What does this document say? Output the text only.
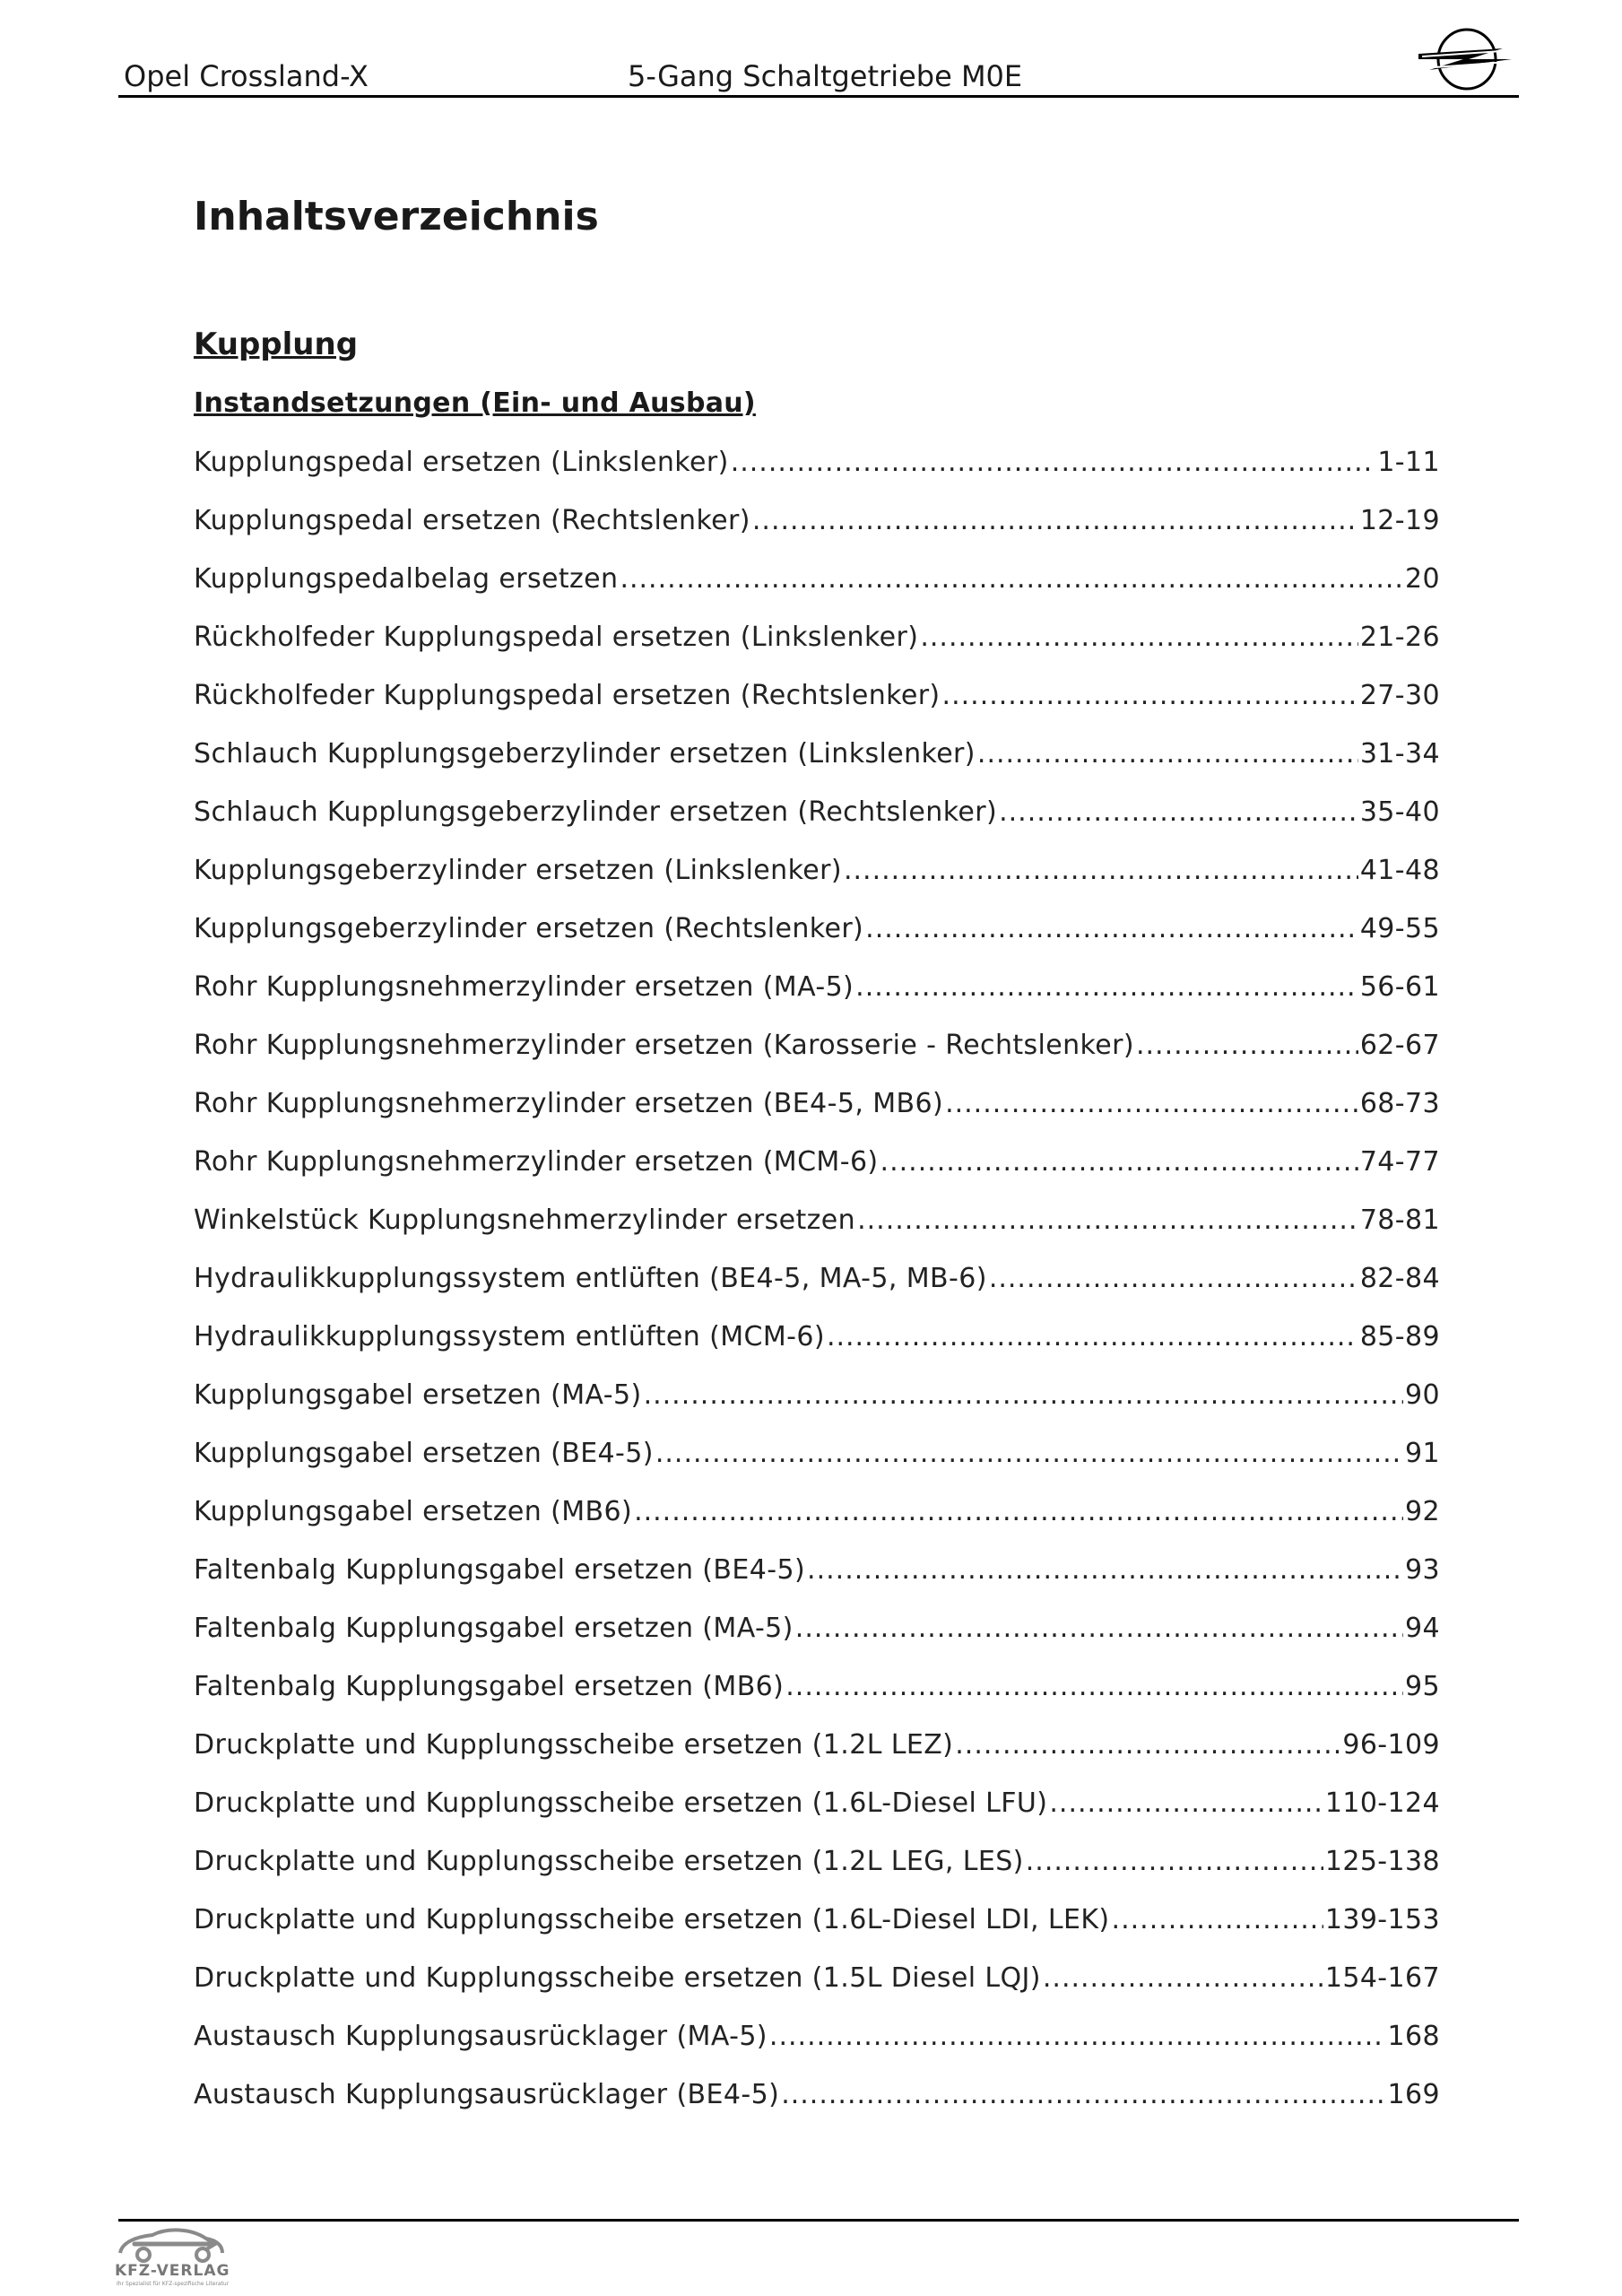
Opel Crossland-X	5-Gang Schaltgetriebe M0E
Inhaltsverzeichnis
Kupplung
Instandsetzungen (Ein- und Ausbau)
Kupplungspedal ersetzen (Linkslenker) .....	1-11
Kupplungspedal ersetzen (Rechtslenker) .....	12-19
Kupplungspedalbelag ersetzen .....	20
Rückholfeder Kupplungspedal ersetzen (Linkslenker) .....	21-26
Rückholfeder Kupplungspedal ersetzen (Rechtslenker) .....	27-30
Schlauch Kupplungsgeberzylinder ersetzen (Linkslenker) .....	31-34
Schlauch Kupplungsgeberzylinder ersetzen (Rechtslenker) .....	35-40
Kupplungsgeberzylinder ersetzen (Linkslenker) .....	41-48
Kupplungsgeberzylinder ersetzen (Rechtslenker) .....	49-55
Rohr Kupplungsnehmerzylinder ersetzen (MA-5) .....	56-61
Rohr Kupplungsnehmerzylinder ersetzen (Karosserie - Rechtslenker) .....	62-67
Rohr Kupplungsnehmerzylinder ersetzen (BE4-5, MB6) .....	68-73
Rohr Kupplungsnehmerzylinder ersetzen (MCM-6) .....	74-77
Winkelstück Kupplungsnehmerzylinder ersetzen .....	78-81
Hydraulikkupplungssystem entlüften (BE4-5, MA-5, MB-6) .....	82-84
Hydraulikkupplungssystem entlüften (MCM-6) .....	85-89
Kupplungsgabel ersetzen (MA-5) .....	90
Kupplungsgabel ersetzen (BE4-5) .....	91
Kupplungsgabel ersetzen (MB6) .....	92
Faltenbalg Kupplungsgabel ersetzen (BE4-5) .....	93
Faltenbalg Kupplungsgabel ersetzen (MA-5) .....	94
Faltenbalg Kupplungsgabel ersetzen (MB6) .....	95
Druckplatte und Kupplungsscheibe ersetzen (1.2L LEZ) .....	96-109
Druckplatte und Kupplungsscheibe ersetzen (1.6L-Diesel LFU) .....	110-124
Druckplatte und Kupplungsscheibe ersetzen (1.2L LEG, LES) .....	125-138
Druckplatte und Kupplungsscheibe ersetzen (1.6L-Diesel LDI, LEK) .....	139-153
Druckplatte und Kupplungsscheibe ersetzen (1.5L Diesel LQJ) .....	154-167
Austausch Kupplungsausrücklager (MA-5) .....	168
Austausch Kupplungsausrücklager (BE4-5) .....	169
KFZ-VERLAG
Ihr Spezialist für KFZ-spezifische Literatur
